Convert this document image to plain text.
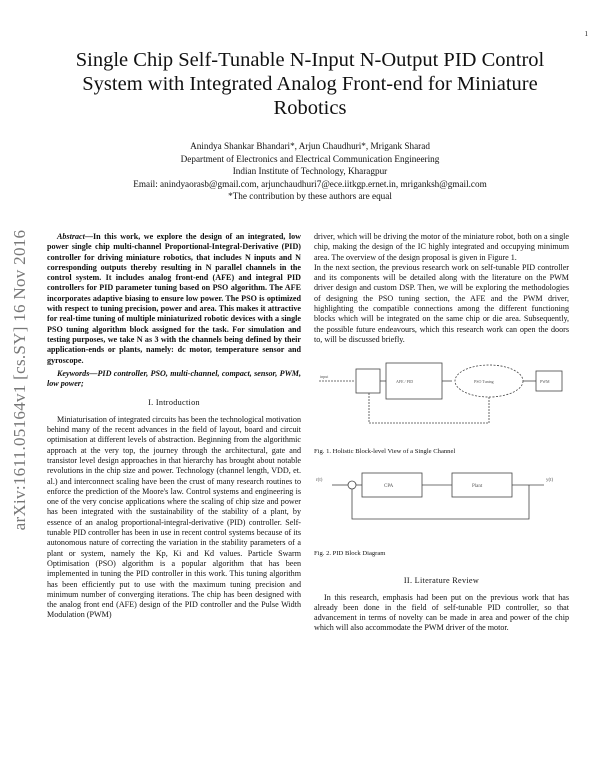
1
arXiv:1611.05164v1 [cs.SY] 16 Nov 2016
Single Chip Self-Tunable N-Input N-Output PID Control System with Integrated Analog Front-end for Miniature Robotics
Anindya Shankar Bhandari*, Arjun Chaudhuri*, Mrigank Sharad
Department of Electronics and Electrical Communication Engineering
Indian Institute of Technology, Kharagpur
Email: anindyaorasb@gmail.com, arjunchaudhuri7@ece.iitkgp.ernet.in, mriganksh@gmail.com
*The contribution by these authors are equal

Abstract—In this work, we explore the design of an integrated, low power single chip multi-channel Proportional-Integral-Derivative (PID) controller for driving miniature robotics, that includes N inputs and N corresponding outputs thereby resulting in N parallel channels in the control system. It includes analog front-end (AFE) and integral PID controllers for PID parameter tuning based on PSO algorithm. The AFE incorporates adaptive biasing to ensure low power. The PSO is optimized with respect to tuning precision, power and area. This makes it attractive for real-time tuning of multiple miniaturized robotic devices with a single PSO tuning algorithm block assigned for the task. For simulation and testing purposes, we take N as 3 with the channels being defined by their application-ends or plants, namely: dc motor, temperature sensor and gyroscope.

Keywords—PID controller, PSO, multi-channel, compact, sensor, PWM, low power;

I. Introduction

Miniaturisation of integrated circuits has been the technological motivation behind many of the recent advances in the field of layout, board and circuit optimisation at different levels of abstraction. Beginning from the algorithmic approach at the very top, the journey through the architectural, gate and transistor level design approaches in that hierarchy has brought about notable revolutions in the chip size and power. Technology (channel length, VDD, et. al.) and interconnect scaling have been the crust of many research routines to enforce the prediction of the Moore's law. Control systems and engineering is one of the very concise applications where the scaling of chip size and power has been integrated with the sustainability of the stability of a plant, by essence of an analog proportional-integral-derivative (PID) controller. Self-tunable PID controller has been in use in recent control systems because of its autonomous nature of correcting the variation in the stability parameters of a plant or system, namely the Kp, Ki and Kd values. Particle Swarm Optimisation (PSO) algorithm is a popular algorithm that has been implemented in tuning the PID controller in this work. This tuning algorithm has been efficiently put to use with the maximum tuning precision and minimum number of converging iterations. The chip has been designed with the analog front end (AFE) design of the PID controller and the Pulse Width Modulation (PWM)

driver, which will be driving the motor of the miniature robot, both on a single chip, making the design of the IC highly integrated and occupying minimum area. The overview of the design proposal is given in Figure 1.

In the next section, the previous research work on self-tunable PID controller and its components will be detailed along with the literature on the PWM driver design and custom DSP. Then, we will be exploring the methodologies of designing the PSO tuning section, the AFE and the PWM driver, highlighting the compatible connections among the different functioning blocks which will be integrated on the same chip or die area. Subsequently, the possible future endeavours, which this research work can open the doors to, will be discussed briefly.

input
AFE / PID	PSO Tuning	PWM
Fig. 1. Holistic Block-level View of a Single Channel
r(t)
CPA	Plant
y(t)
Fig. 2. PID Block Diagram
II. Literature Review

In this research, emphasis had been put on the previous work that has already been done in the field of self-tunable PID controller, so that advancement in terms of novelty can be made in area and power of the chip which will also accommodate the PWM driver of the motor.
